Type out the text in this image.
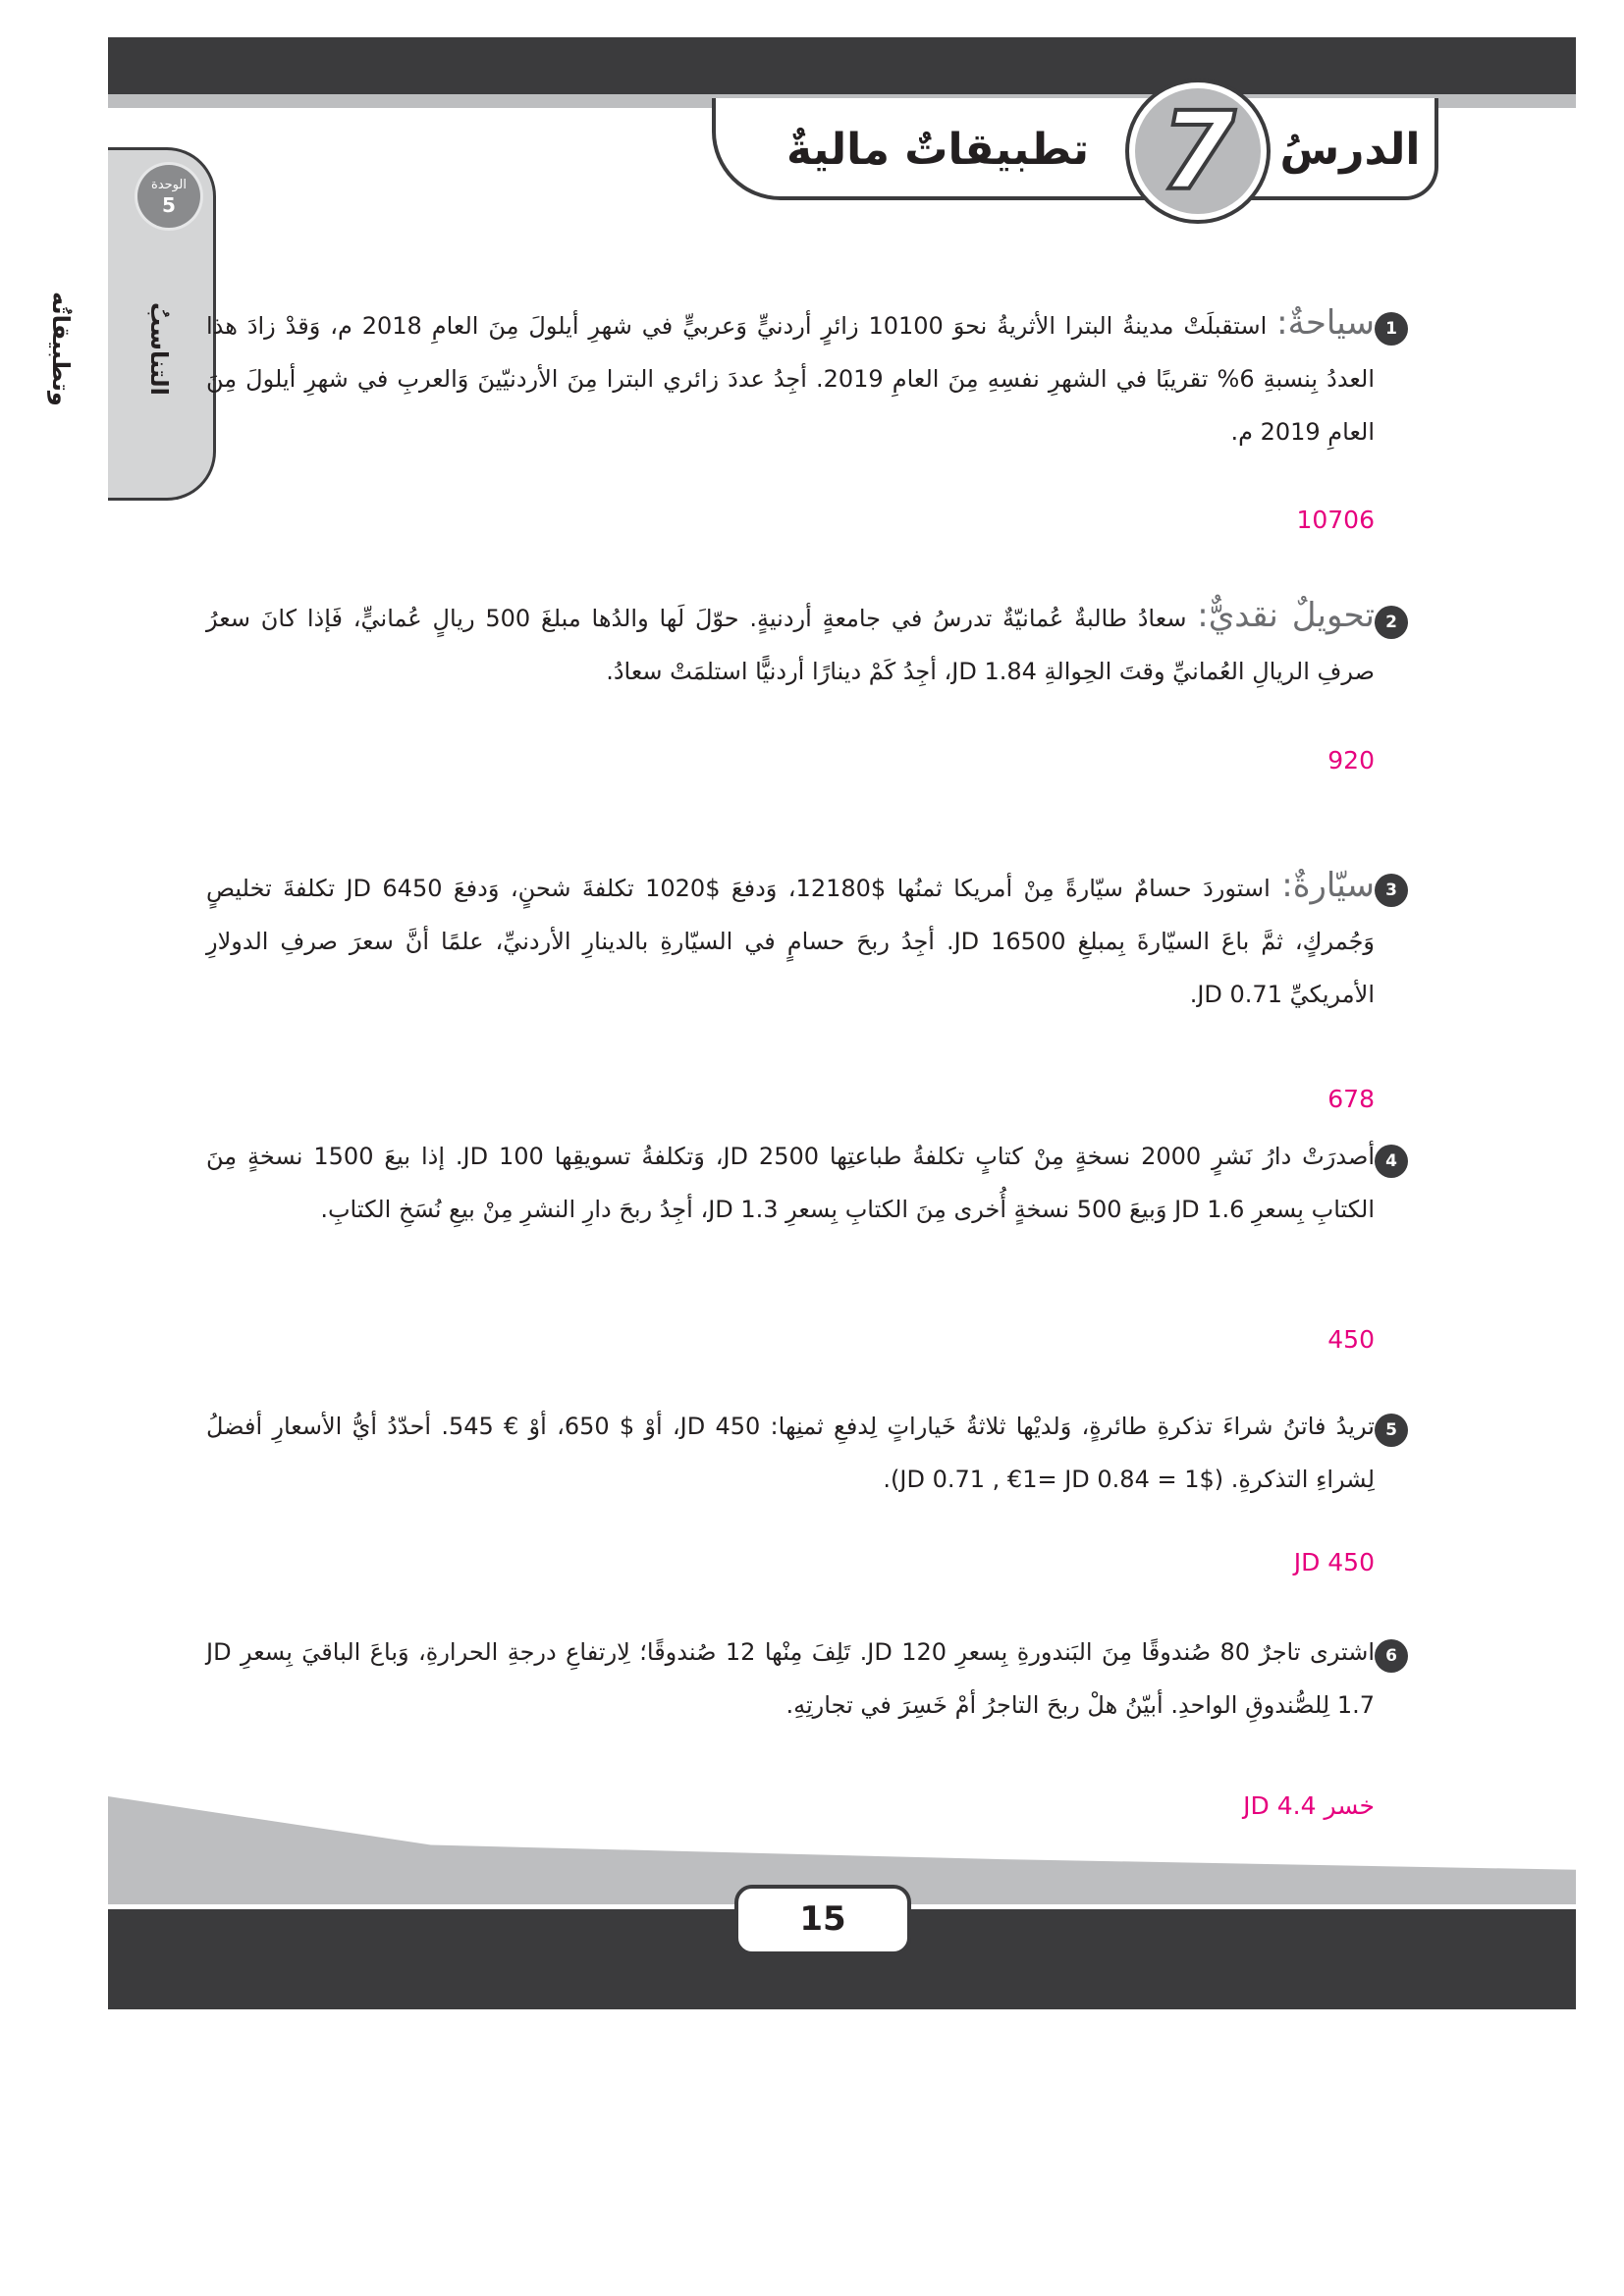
تطبيقاتٌ ماليةٌ 7	الدرسُ
الوحدة
5
التناسبُ وتطبيقاتُه	1
سياحةٌ: استقبلَتْ مدينةُ البترا الأثريةُ نحوَ 10100 زائرٍ أردنيٍّ وَعربيٍّ في شهرِ أيلولَ مِنَ العامِ 2018 م، وَقدْ زادَ هذا العددُ بِنسبةِ 6% تقريبًا في الشهرِ نفسِهِ مِنَ العامِ 2019. أجِدُ عددَ زائري البترا مِنَ الأردنيّينَ وَالعربِ في شهرِ أيلولَ مِنَ العامِ 2019 م.
10706
2
تحويلٌ نقديٌّ: سعادُ طالبةٌ عُمانيّةٌ تدرسُ في جامعةٍ أردنيةٍ. حوّلَ لَها والدُها مبلغَ 500 ريالٍ عُمانيٍّ، فَإذا كانَ سعرُ صرفِ الريالِ العُمانيِّ وقتَ الحِوالةِ JD 1.84، أجِدُ كَمْ دينارًا أردنيًّا استلمَتْ سعادُ.
920
3
سيّارةٌ: استوردَ حسامٌ سيّارةً مِنْ أمريكا ثمنُها $12180، وَدفعَ $1020 تكلفةَ شحنٍ، وَدفعَ JD 6450 تكلفةَ تخليصٍ وَجُمركٍ، ثمَّ باعَ السيّارةَ بِمبلغِ JD 16500. أجِدُ ربحَ حسامٍ في السيّارةِ بالدينارِ الأردنيِّ، علمًا أنَّ سعرَ صرفِ الدولارِ الأمريكيِّ JD 0.71.
678
4
أصدرَتْ دارُ نَشرٍ 2000 نسخةٍ مِنْ كتابٍ تكلفةُ طباعتِها JD 2500، وَتكلفةُ تسويقِها JD 100. إذا بيعَ 1500 نسخةٍ مِنَ الكتابِ بِسعرِ JD 1.6 وَبيعَ 500 نسخةٍ أُخرى مِنَ الكتابِ بِسعرِ JD 1.3، أجِدُ ربحَ دارِ النشرِ مِنْ بيعِ نُسَخِ الكتابِ.
450
5
تريدُ فاتنُ شراءَ تذكرةِ طائرةٍ، وَلديْها ثلاثةُ خَياراتٍ لِدفعِ ثمنِها: JD 450، أوْ $ 650، أوْ € 545. أحدّدُ أيُّ الأسعارِ أفضلُ لِشراءِ التذكرةِ. ($1 = JD 0.71 , €1= JD 0.84).
JD 450
6
اشترى تاجرٌ 80 صُندوقًا مِنَ البَندورةِ بِسعرِ JD 120. تَلِفَ مِنْها 12 صُندوقًا؛ لِارتفاعِ درجةِ الحرارةِ، وَباعَ الباقيَ بِسعرِ JD 1.7 لِلصُّندوقِ الواحدِ. أبيّنُ هلْ ربحَ التاجرُ أمْ خَسِرَ في تجارتِهِ.
خسر JD 4.4
15
